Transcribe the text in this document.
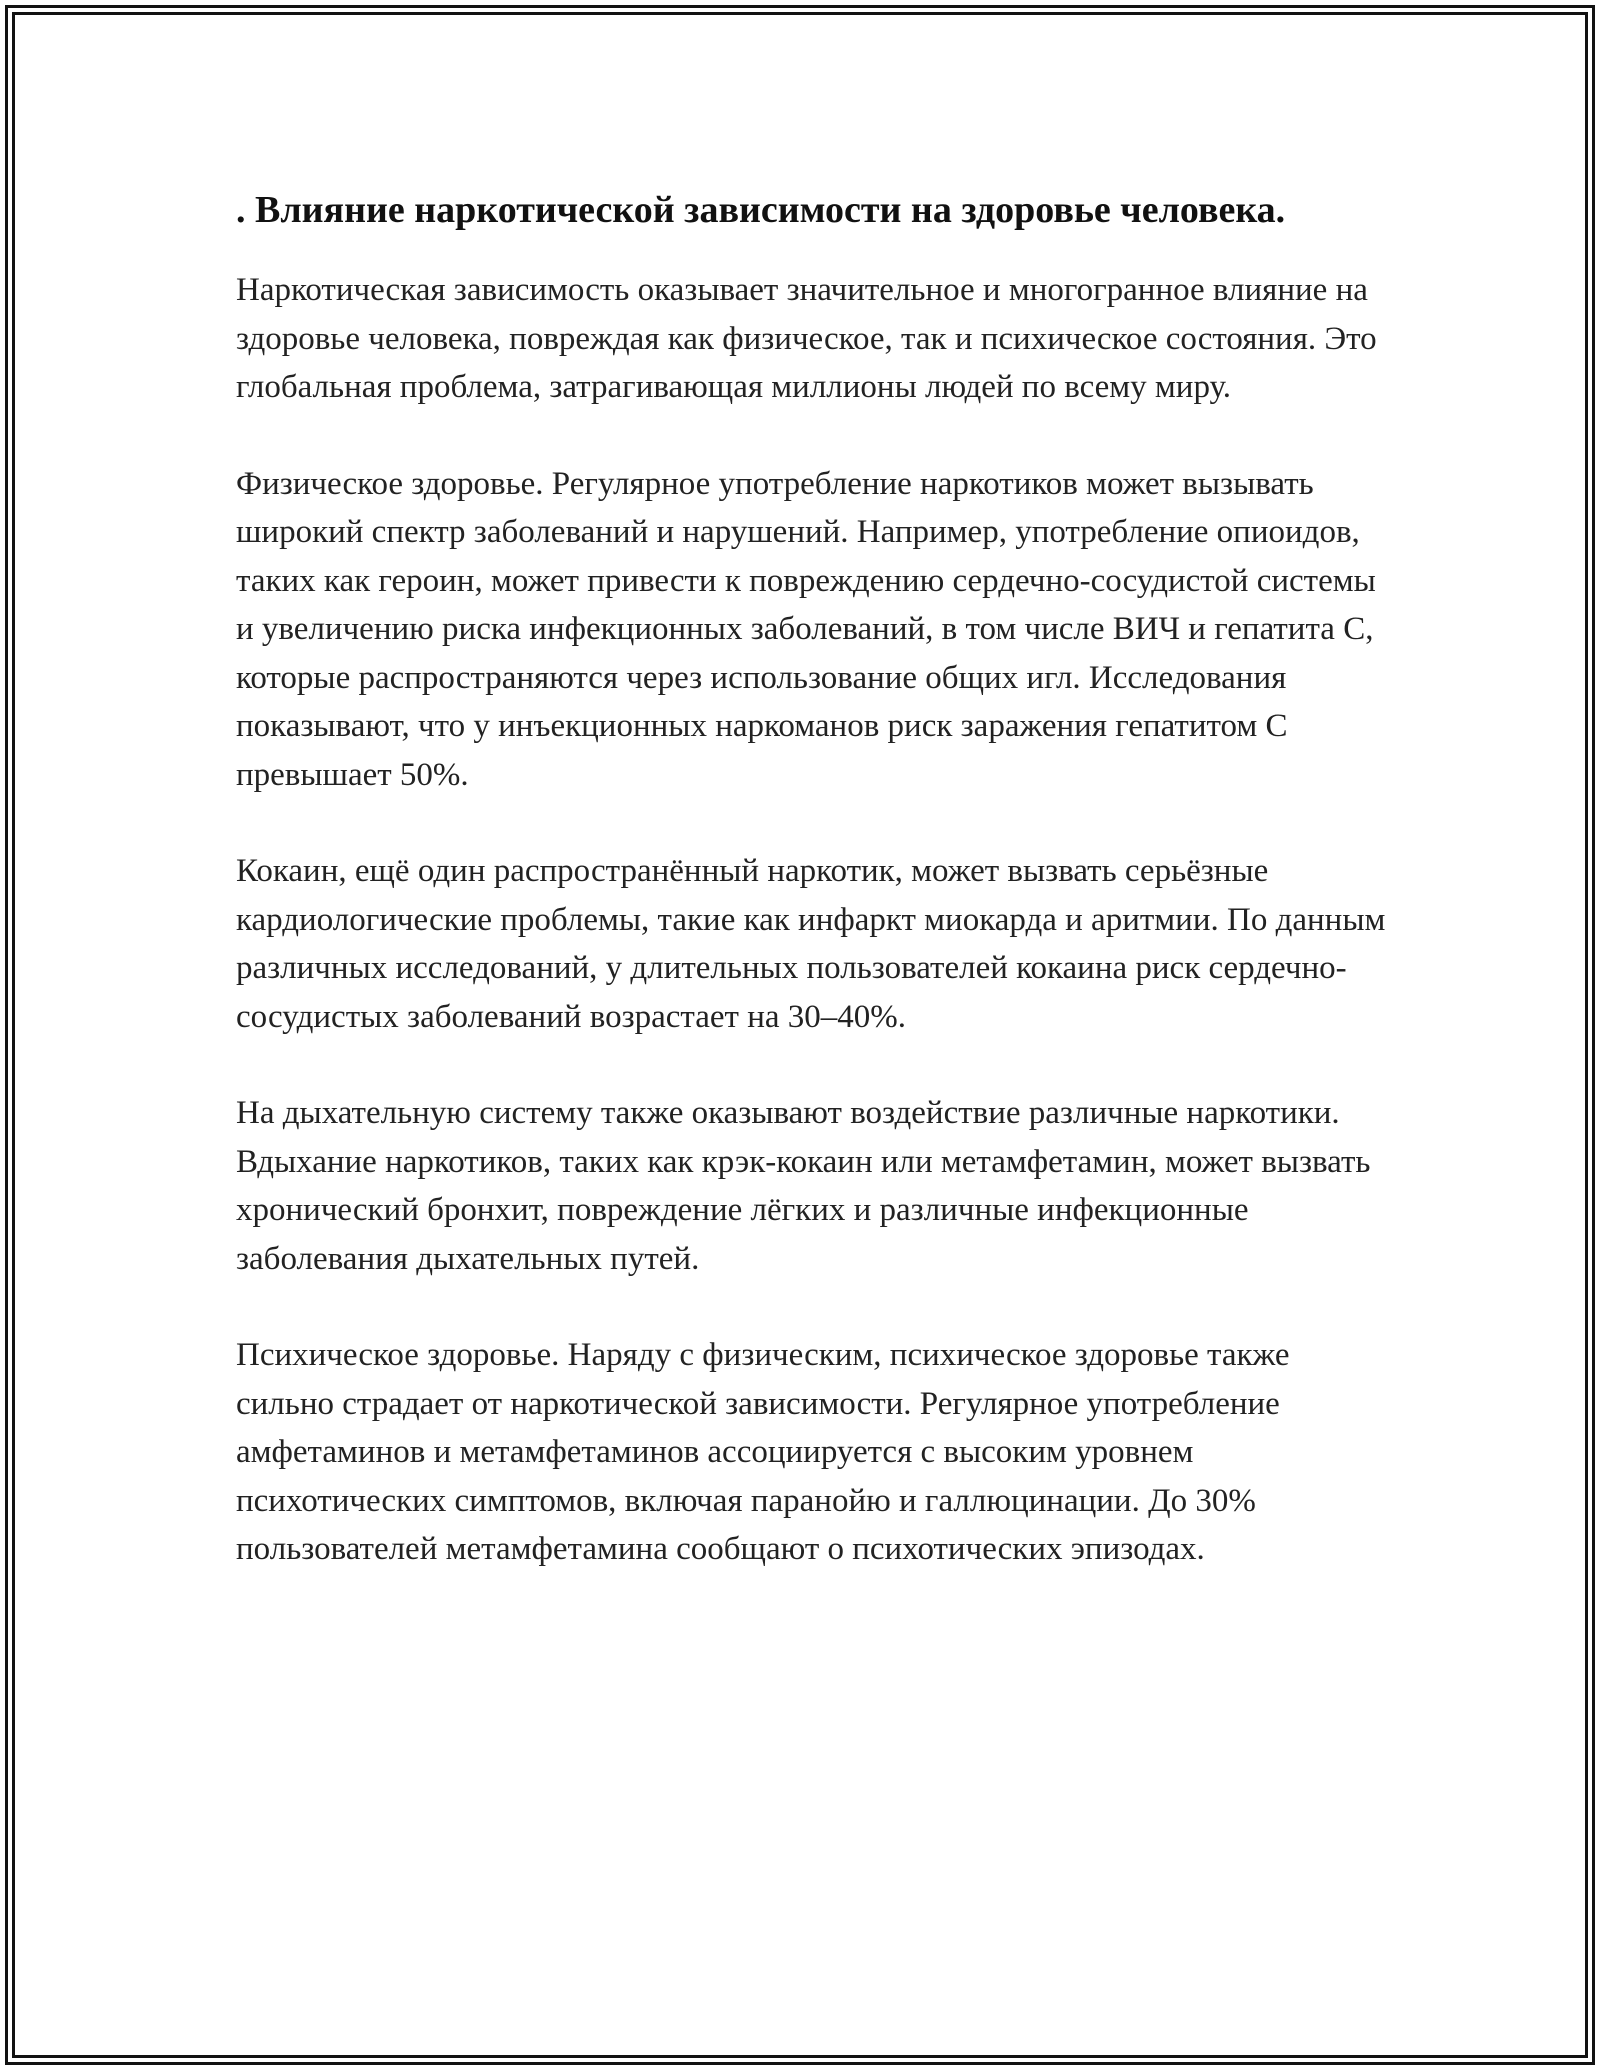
. Влияние наркотической зависимости на здоровье человека.

Наркотическая зависимость оказывает значительное и многогранное влияние на здоровье человека, повреждая как физическое, так и психическое состояния. Это глобальная проблема, затрагивающая миллионы людей по всему миру.

Физическое здоровье. Регулярное употребление наркотиков может вызывать широкий спектр заболеваний и нарушений. Например, употребление опиоидов, таких как героин, может привести к повреждению сердечно-сосудистой системы и увеличению риска инфекционных заболеваний, в том числе ВИЧ и гепатита С, которые распространяются через использование общих игл. Исследования показывают, что у инъекционных наркоманов риск заражения гепатитом С превышает 50%.

Кокаин, ещё один распространённый наркотик, может вызвать серьёзные кардиологические проблемы, такие как инфаркт миокарда и аритмии. По данным различных исследований, у длительных пользователей кокаина риск сердечно-сосудистых заболеваний возрастает на 30–40%.

На дыхательную систему также оказывают воздействие различные наркотики. Вдыхание наркотиков, таких как крэк-кокаин или метамфетамин, может вызвать хронический бронхит, повреждение лёгких и различные инфекционные заболевания дыхательных путей.

Психическое здоровье. Наряду с физическим, психическое здоровье также сильно страдает от наркотической зависимости. Регулярное употребление амфетаминов и метамфетаминов ассоциируется с высоким уровнем психотических симптомов, включая паранойю и галлюцинации. До 30% пользователей метамфетамина сообщают о психотических эпизодах.
